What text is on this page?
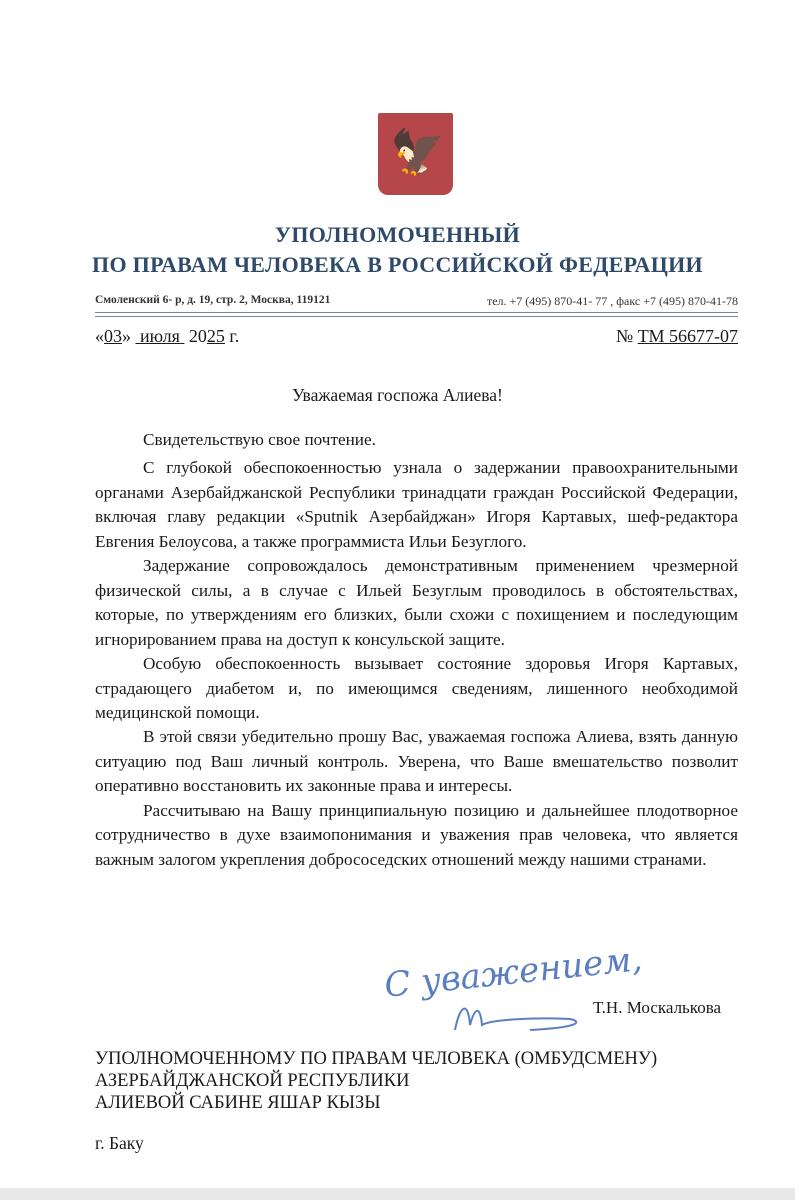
🦅
УПОЛНОМОЧЕННЫЙ
ПО ПРАВАМ ЧЕЛОВЕКА В РОССИЙСКОЙ ФЕДЕРАЦИИ
Смоленский 6- р, д. 19, стр. 2, Москва, 119121	тел. +7 (495) 870-41- 77 , факс +7 (495) 870-41-78
«03» июля 2025 г.	№ ТМ 56677-07
Уважаемая госпожа Алиева!

Свидетельствую свое почтение.

С глубокой обеспокоенностью узнала о задержании правоохранительными органами Азербайджанской Республики тринадцати граждан Российской Федерации, включая главу редакции «Sputnik Азербайджан» Игоря Картавых, шеф-редактора Евгения Белоусова, а также программиста Ильи Безуглого.

Задержание сопровождалось демонстративным применением чрезмерной физической силы, а в случае с Ильей Безуглым проводилось в обстоятельствах, которые, по утверждениям его близких, были схожи с похищением и последующим игнорированием права на доступ к консульской защите.

Особую обеспокоенность вызывает состояние здоровья Игоря Картавых, страдающего диабетом и, по имеющимся сведениям, лишенного необходимой медицинской помощи.

В этой связи убедительно прошу Вас, уважаемая госпожа Алиева, взять данную ситуацию под Ваш личный контроль. Уверена, что Ваше вмешательство позволит оперативно восстановить их законные права и интересы.

Рассчитываю на Вашу принципиальную позицию и дальнейшее плодотворное сотрудничество в духе взаимопонимания и уважения прав человека, что является важным залогом укрепления добрососедских отношений между нашими странами.

С уважением,
Т.Н. Москалькова
УПОЛНОМОЧЕННОМУ ПО ПРАВАМ ЧЕЛОВЕКА (ОМБУДСМЕНУ)
АЗЕРБАЙДЖАНСКОЙ РЕСПУБЛИКИ
АЛИЕВОЙ САБИНЕ ЯШАР КЫЗЫ
г. Баку
